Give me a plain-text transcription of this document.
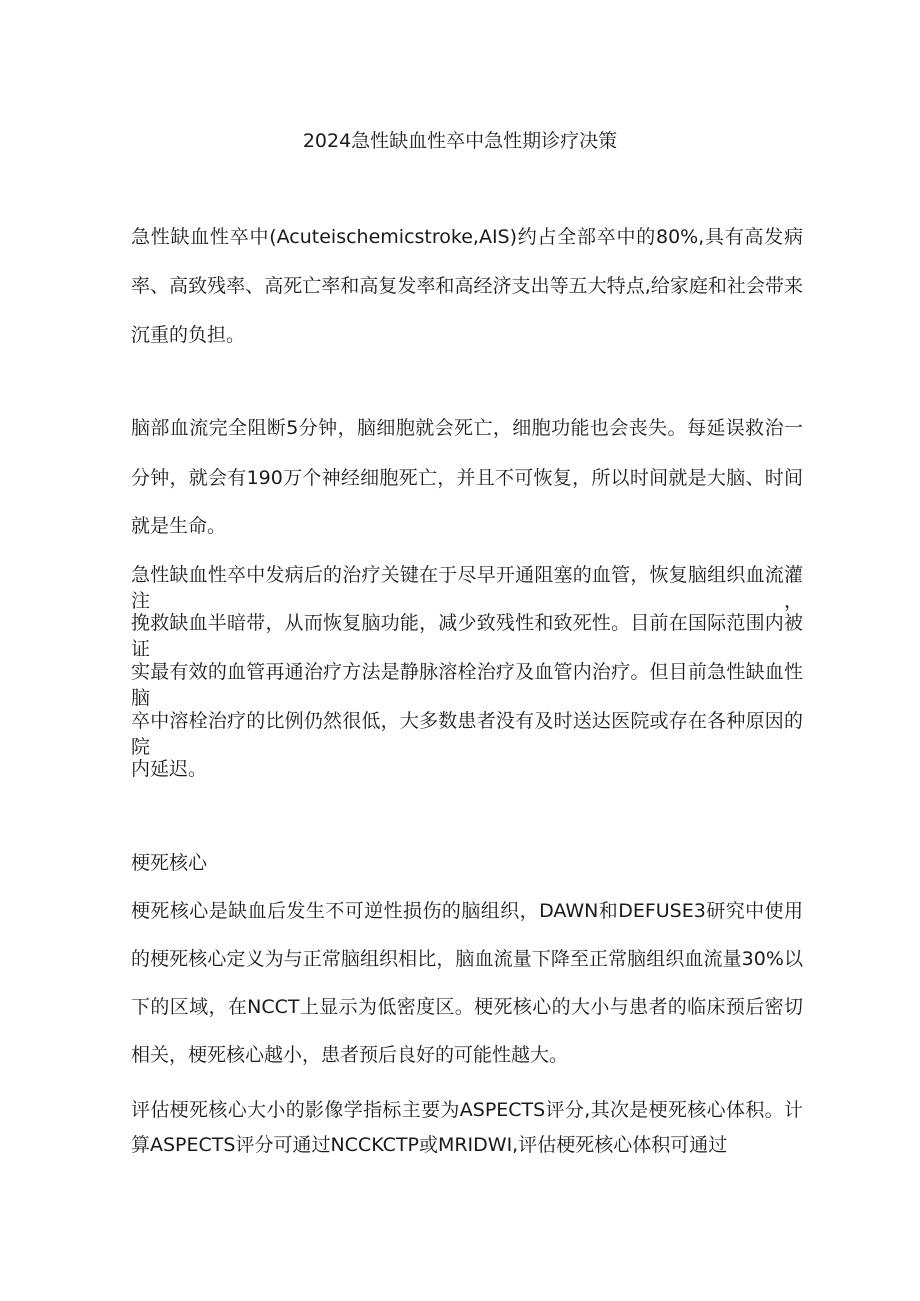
2024急性缺血性卒中急性期诊疗决策
急性缺血性卒中(Acuteischemicstroke,AIS)约占全部卒中的80%,具有高发病
率、高致残率、高死亡率和高复发率和高经济支出等五大特点,给家庭和社会带来
沉重的负担。
脑部血流完全阻断5分钟，脑细胞就会死亡，细胞功能也会丧失。每延误救治一
分钟，就会有190万个神经细胞死亡，并且不可恢复，所以时间就是大脑、时间
就是生命。
急性缺血性卒中发病后的治疗关键在于尽早开通阻塞的血管，恢复脑组织血流灌注，
挽救缺血半暗带，从而恢复脑功能，减少致残性和致死性。目前在国际范围内被证
实最有效的血管再通治疗方法是静脉溶栓治疗及血管内治疗。但目前急性缺血性脑
卒中溶栓治疗的比例仍然很低，大多数患者没有及时送达医院或存在各种原因的院
内延迟。
梗死核心
梗死核心是缺血后发生不可逆性损伤的脑组织，DAWN和DEFUSE3研究中使用
的梗死核心定义为与正常脑组织相比，脑血流量下降至正常脑组织血流量30%以
下的区域，在NCCT上显示为低密度区。梗死核心的大小与患者的临床预后密切
相关，梗死核心越小，患者预后良好的可能性越大。
评估梗死核心大小的影像学指标主要为ASPECTS评分,其次是梗死核心体积。计
算ASPECTS评分可通过NCCKCTP或MRIDWI,评估梗死核心体积可通过
